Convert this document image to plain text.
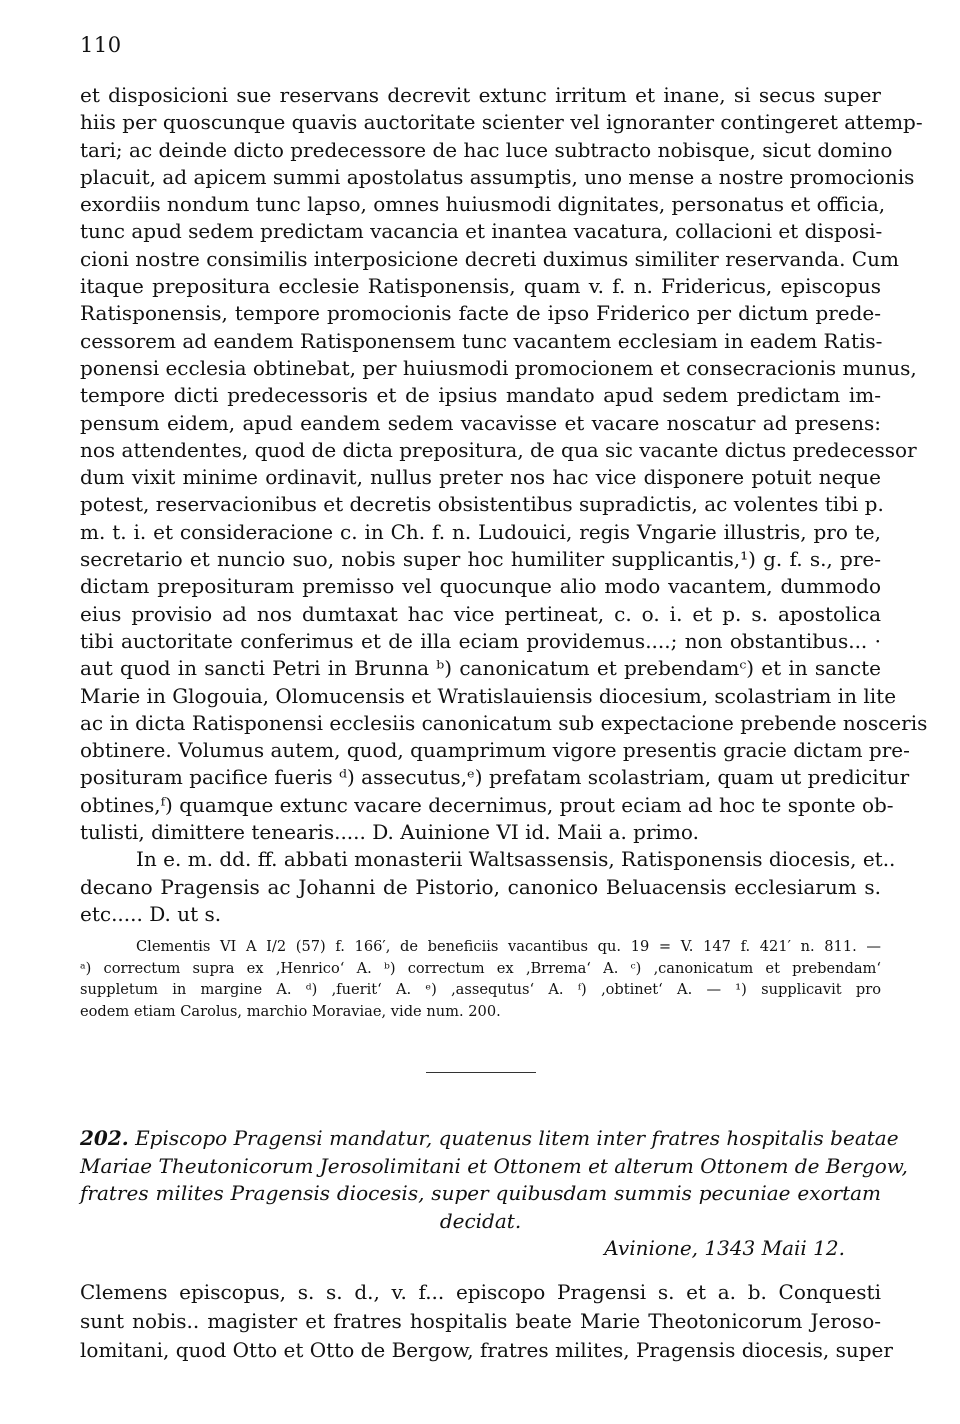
110
et disposicioni sue reservans decrevit extunc irritum et inane, si secus super
hiis per quoscunque quavis auctoritate scienter vel ignoranter contingeret attemp-
tari; ac deinde dicto predecessore de hac luce subtracto nobisque, sicut domino
placuit, ad apicem summi apostolatus assumptis, uno mense a nostre promocionis
exordiis nondum tunc lapso, omnes huiusmodi dignitates, personatus et officia,
tunc apud sedem predictam vacancia et inantea vacatura, collacioni et disposi-
cioni nostre consimilis interposicione decreti duximus similiter reservanda. Cum
itaque prepositura ecclesie Ratisponensis, quam v. f. n. Fridericus, episcopus
Ratisponensis, tempore promocionis facte de ipso Friderico per dictum prede-
cessorem ad eandem Ratisponensem tunc vacantem ecclesiam in eadem Ratis-
ponensi ecclesia obtinebat, per huiusmodi promocionem et consecracionis munus,
tempore dicti predecessoris et de ipsius mandato apud sedem predictam im-
pensum eidem, apud eandem sedem vacavisse et vacare noscatur ad presens:
nos attendentes, quod de dicta prepositura, de qua sic vacante dictus predecessor
dum vixit minime ordinavit, nullus preter nos hac vice disponere potuit neque
potest, reservacionibus et decretis obsistentibus supradictis, ac volentes tibi p.
m. t. i. et consideracione c. in Ch. f. n. Ludouici, regis Vngarie illustris, pro te,
secretario et nuncio suo, nobis super hoc humiliter supplicantis,¹) g. f. s., pre-
dictam preposituram premisso vel quocunque alio modo vacantem, dummodo
eius provisio ad nos dumtaxat hac vice pertineat, c. o. i. et p. s. apostolica
tibi auctoritate conferimus et de illa eciam providemus....; non obstantibus... ·
aut quod in sancti Petri in Brunna ᵇ) canonicatum et prebendamᶜ) et in sancte
Marie in Glogouia, Olomucensis et Wratislauiensis diocesium, scolastriam in lite
ac in dicta Ratisponensi ecclesiis canonicatum sub expectacione prebende nosceris
obtinere. Volumus autem, quod, quamprimum vigore presentis gracie dictam pre-
posituram pacifice fueris ᵈ) assecutus,ᵉ) prefatam scolastriam, quam ut predicitur
obtines,ᶠ) quamque extunc vacare decernimus, prout eciam ad hoc te sponte ob-
tulisti, dimittere tenearis..... D. Auinione VI id. Maii a. primo.
In e. m. dd. ff. abbati monasterii Waltsassensis, Ratisponensis diocesis, et..
decano Pragensis ac Johanni de Pistorio, canonico Beluacensis ecclesiarum s.
etc..... D. ut s.
Clementis VI A I/2 (57) f. 166′, de beneficiis vacantibus qu. 19 = V. 147 f. 421′ n. 811. —
ᵃ) correctum supra ex ‚Henrico‘ A. ᵇ) correctum ex ‚Brrema‘ A. ᶜ) ‚canonicatum et prebendam‘
suppletum in margine A. ᵈ) ‚fuerit‘ A. ᵉ) ‚assequtus‘ A. ᶠ) ‚obtinet‘ A. — ¹) supplicavit pro
eodem etiam Carolus, marchio Moraviae, vide num. 200.
202. Episcopo Pragensi mandatur, quatenus litem inter fratres hospitalis beatae
Mariae Theutonicorum Jerosolimitani et Ottonem et alterum Ottonem de Bergow,
fratres milites Pragensis diocesis, super quibusdam summis pecuniae exortam
decidat.
Avinione, 1343 Maii 12.
Clemens episcopus, s. s. d., v. f... episcopo Pragensi s. et a. b. Conquesti
sunt nobis.. magister et fratres hospitalis beate Marie Theotonicorum Jeroso-
lomitani, quod Otto et Otto de Bergow, fratres milites, Pragensis diocesis, super
